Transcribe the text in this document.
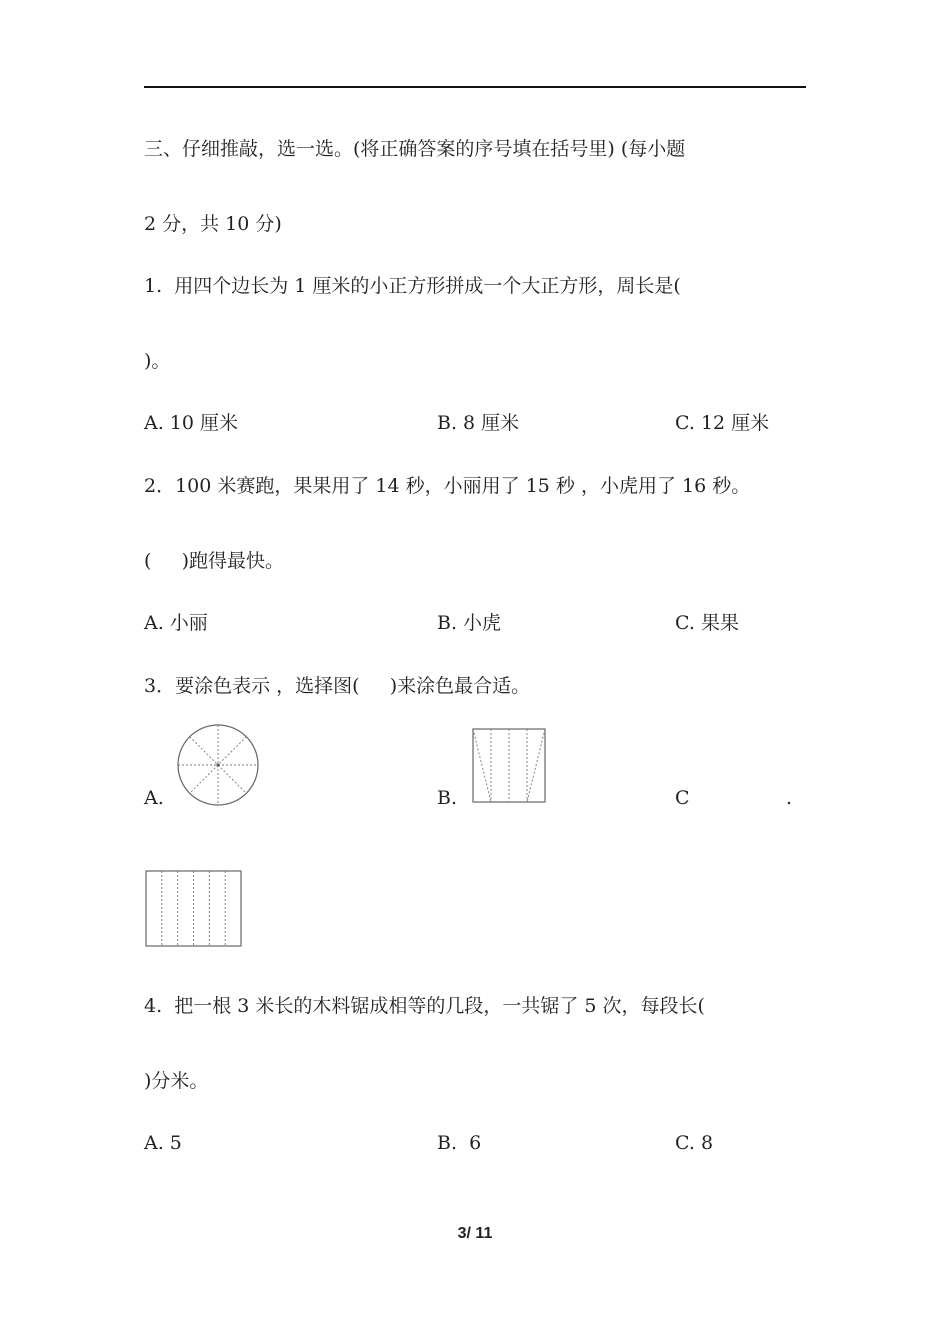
三、仔细推敲，选一选。(将正确答案的序号填在括号里) (每小题
2 分，共 10 分)
1.  用四个边长为 1 厘米的小正方形拼成一个大正方形，周长是(
)。
A. 10 厘米	B. 8 厘米	C. 12 厘米
2．100 米赛跑，果果用了 14 秒，小丽用了 15 秒 ，小虎用了 16 秒。
(     )跑得最快。
A. 小丽	B. 小虎	C. 果果
3．要涂色表示 ，选择图(     )来涂色最合适。
A.	B.	C	.
4.  把一根 3 米长的木料锯成相等的几段，一共锯了 5 次，每段长(
)分米。
A. 5	B.  6	C. 8
3/ 11
